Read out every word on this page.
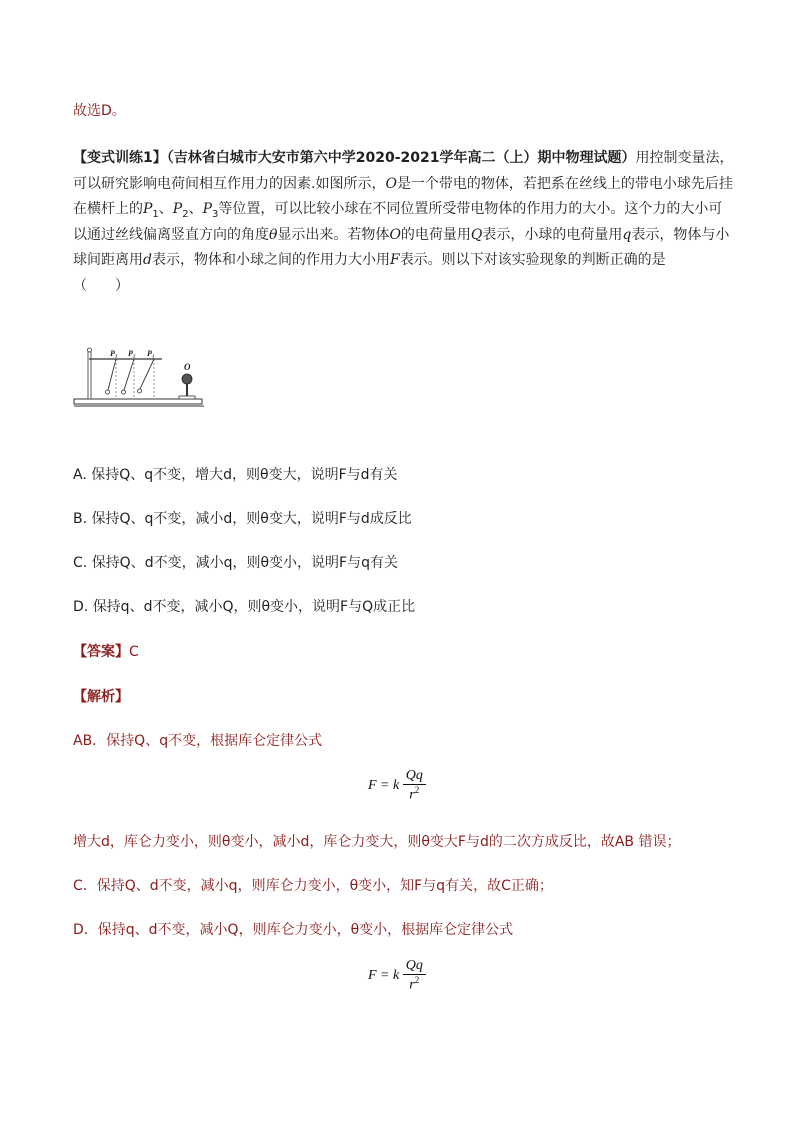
故选D。

【变式训练1】（吉林省白城市大安市第六中学2020-2021学年高二（上）期中物理试题）用控制变量法，可以研究影响电荷间相互作用力的因素.如图所示，O是一个带电的物体，若把系在丝线上的带电小球先后挂在横杆上的$P_1$、$P_2$、$P_3$等位置，可以比较小球在不同位置所受带电物体的作用力的大小。这个力的大小可以通过丝线偏离竖直方向的角度θ显示出来。若物体O的电荷量用Q表示，小球的电荷量用q表示，物体与小球间距离用d表示，物体和小球之间的作用力大小用F表示。则以下对该实验现象的判断正确的是
（　　）

P₃ P₂ P₁
O
A. 保持Q、q不变，增大d，则θ变大，说明F与d有关
B. 保持Q、q不变，减小d，则θ变大，说明F与d成反比
C. 保持Q、d不变，减小q，则θ变小，说明F与q有关
D. 保持q、d不变，减小Q，则θ变小，说明F与Q成正比

【答案】C

【解析】

AB．保持Q、q不变，根据库仑定律公式

F = k $\frac{Qq}{r^2}$

增大d，库仑力变小，则θ变小，减小d，库仑力变大，则θ变大F与d的二次方成反比，故AB 错误；

C．保持Q、d不变，减小q，则库仑力变小，θ变小，知F与q有关，故C正确；

D．保持q、d不变，减小Q，则库仑力变小，θ变小，根据库仑定律公式

F = k $\frac{Qq}{r^2}$
